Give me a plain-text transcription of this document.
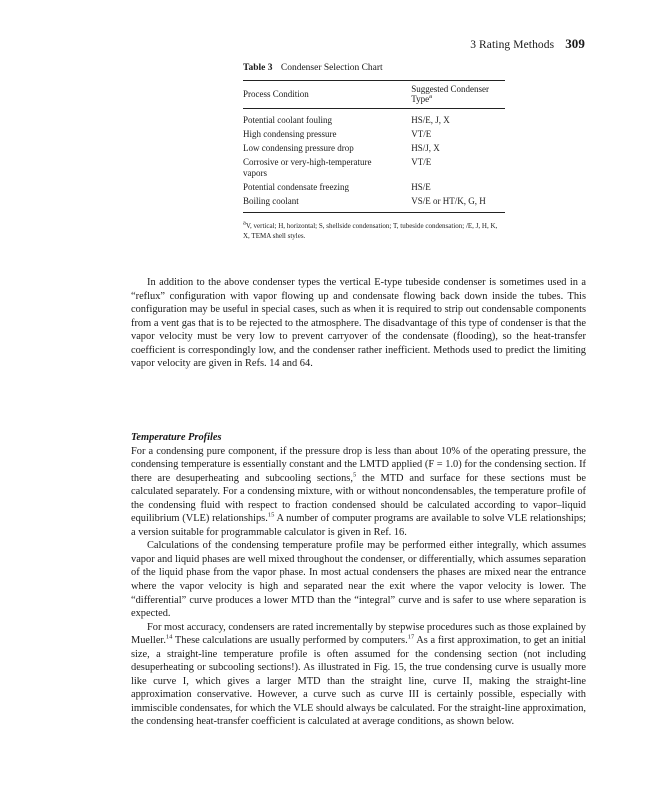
3 Rating Methods 309
Table 3 Condenser Selection Chart
Process Condition	Suggested Condenser Type$^a$
Potential coolant fouling	HS/E, J, X
High condensing pressure	VT/E
Low condensing pressure drop	HS/J, X
Corrosive or very-high-temperature vapors	VT/E
Potential condensate freezing	HS/E
Boiling coolant	VS/E or HT/K, G, H
$^a$V, vertical; H, horizontal; S, shellside condensation; T, tubeside condensation; /E, J, H, K, X, TEMA shell styles.

In addition to the above condenser types the vertical E-type tubeside condenser is sometimes used in a “reflux” configuration with vapor flowing up and condensate flowing back down inside the tubes. This configuration may be useful in special cases, such as when it is required to strip out condensable components from a vent gas that is to be rejected to the atmosphere. The disadvantage of this type of condenser is that the vapor velocity must be very low to prevent carryover of the condensate (flooding), so the heat-transfer coefficient is correspondingly low, and the condenser rather inefficient. Methods used to predict the limiting vapor velocity are given in Refs. 14 and 64.

Temperature Profiles

For a condensing pure component, if the pressure drop is less than about 10% of the operating pressure, the condensing temperature is essentially constant and the LMTD applied (F = 1.0) for the condensing section. If there are desuperheating and subcooling sections,$^5$ the MTD and surface for these sections must be calculated separately. For a condensing mixture, with or without noncondensables, the temperature profile of the condensing fluid with respect to fraction condensed should be calculated according to vapor–liquid equilibrium (VLE) relationships.$^{15}$ A number of computer programs are available to solve VLE relationships; a version suitable for programmable calculator is given in Ref. 16.

Calculations of the condensing temperature profile may be performed either integrally, which assumes vapor and liquid phases are well mixed throughout the condenser, or differentially, which assumes separation of the liquid phase from the vapor phase. In most actual condensers the phases are mixed near the entrance where the vapor velocity is high and separated near the exit where the vapor velocity is lower. The “differential” curve produces a lower MTD than the “integral” curve and is safer to use where separation is expected.

For most accuracy, condensers are rated incrementally by stepwise procedures such as those explained by Mueller.$^{14}$ These calculations are usually performed by computers.$^{17}$ As a first approximation, to get an initial size, a straight-line temperature profile is often assumed for the condensing section (not including desuperheating or subcooling sections!). As illustrated in Fig. 15, the true condensing curve is usually more like curve I, which gives a larger MTD than the straight line, curve II, making the straight-line approximation conservative. However, a curve such as curve III is certainly possible, especially with immiscible condensates, for which the VLE should always be calculated. For the straight-line approximation, the condensing heat-transfer coefficient is calculated at average conditions, as shown below.
